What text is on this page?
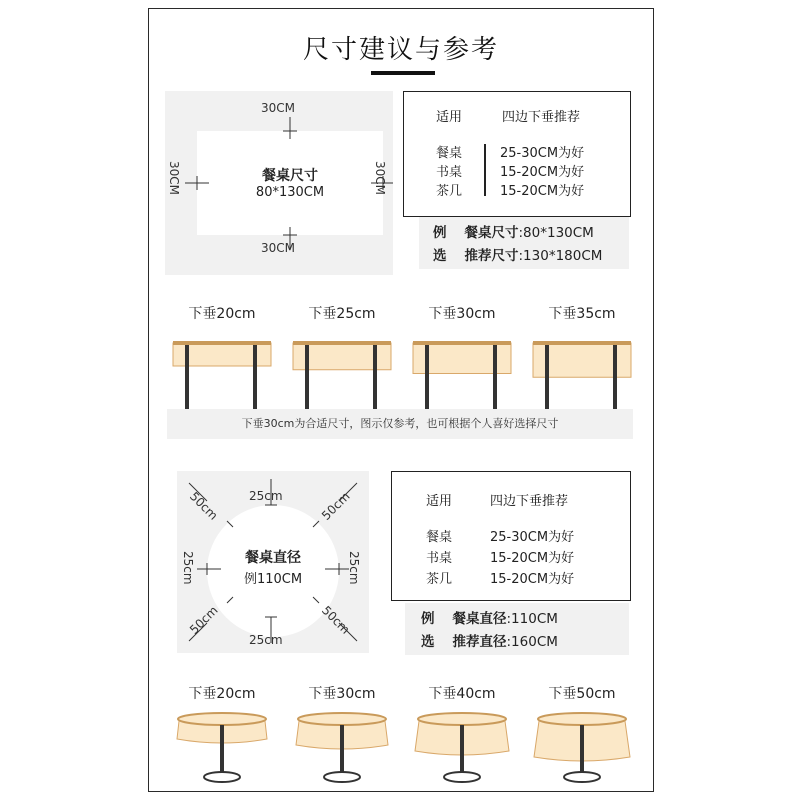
尺寸建议与参考
30CM
30CM
30CM	30CM
餐桌尺寸
80*130CM
适用	四边下垂推荐
餐桌	25-30CM为好
书桌	15-20CM为好
茶几	15-20CM为好
例 餐桌尺寸:80*130CM
选 推荐尺寸:130*180CM
下垂20cm	下垂25cm	下垂30cm	下垂35cm
下垂30cm为合适尺寸，图示仅参考，也可根据个人喜好选择尺寸
50cm	50cm
50cm	50cm
25cm
25cm
25cm	25cm
餐桌直径
例110CM
适用	四边下垂推荐
餐桌	25-30CM为好
书桌	15-20CM为好
茶几	15-20CM为好
例 餐桌直径:110CM
选 推荐直径:160CM
下垂20cm	下垂30cm	下垂40cm	下垂50cm
